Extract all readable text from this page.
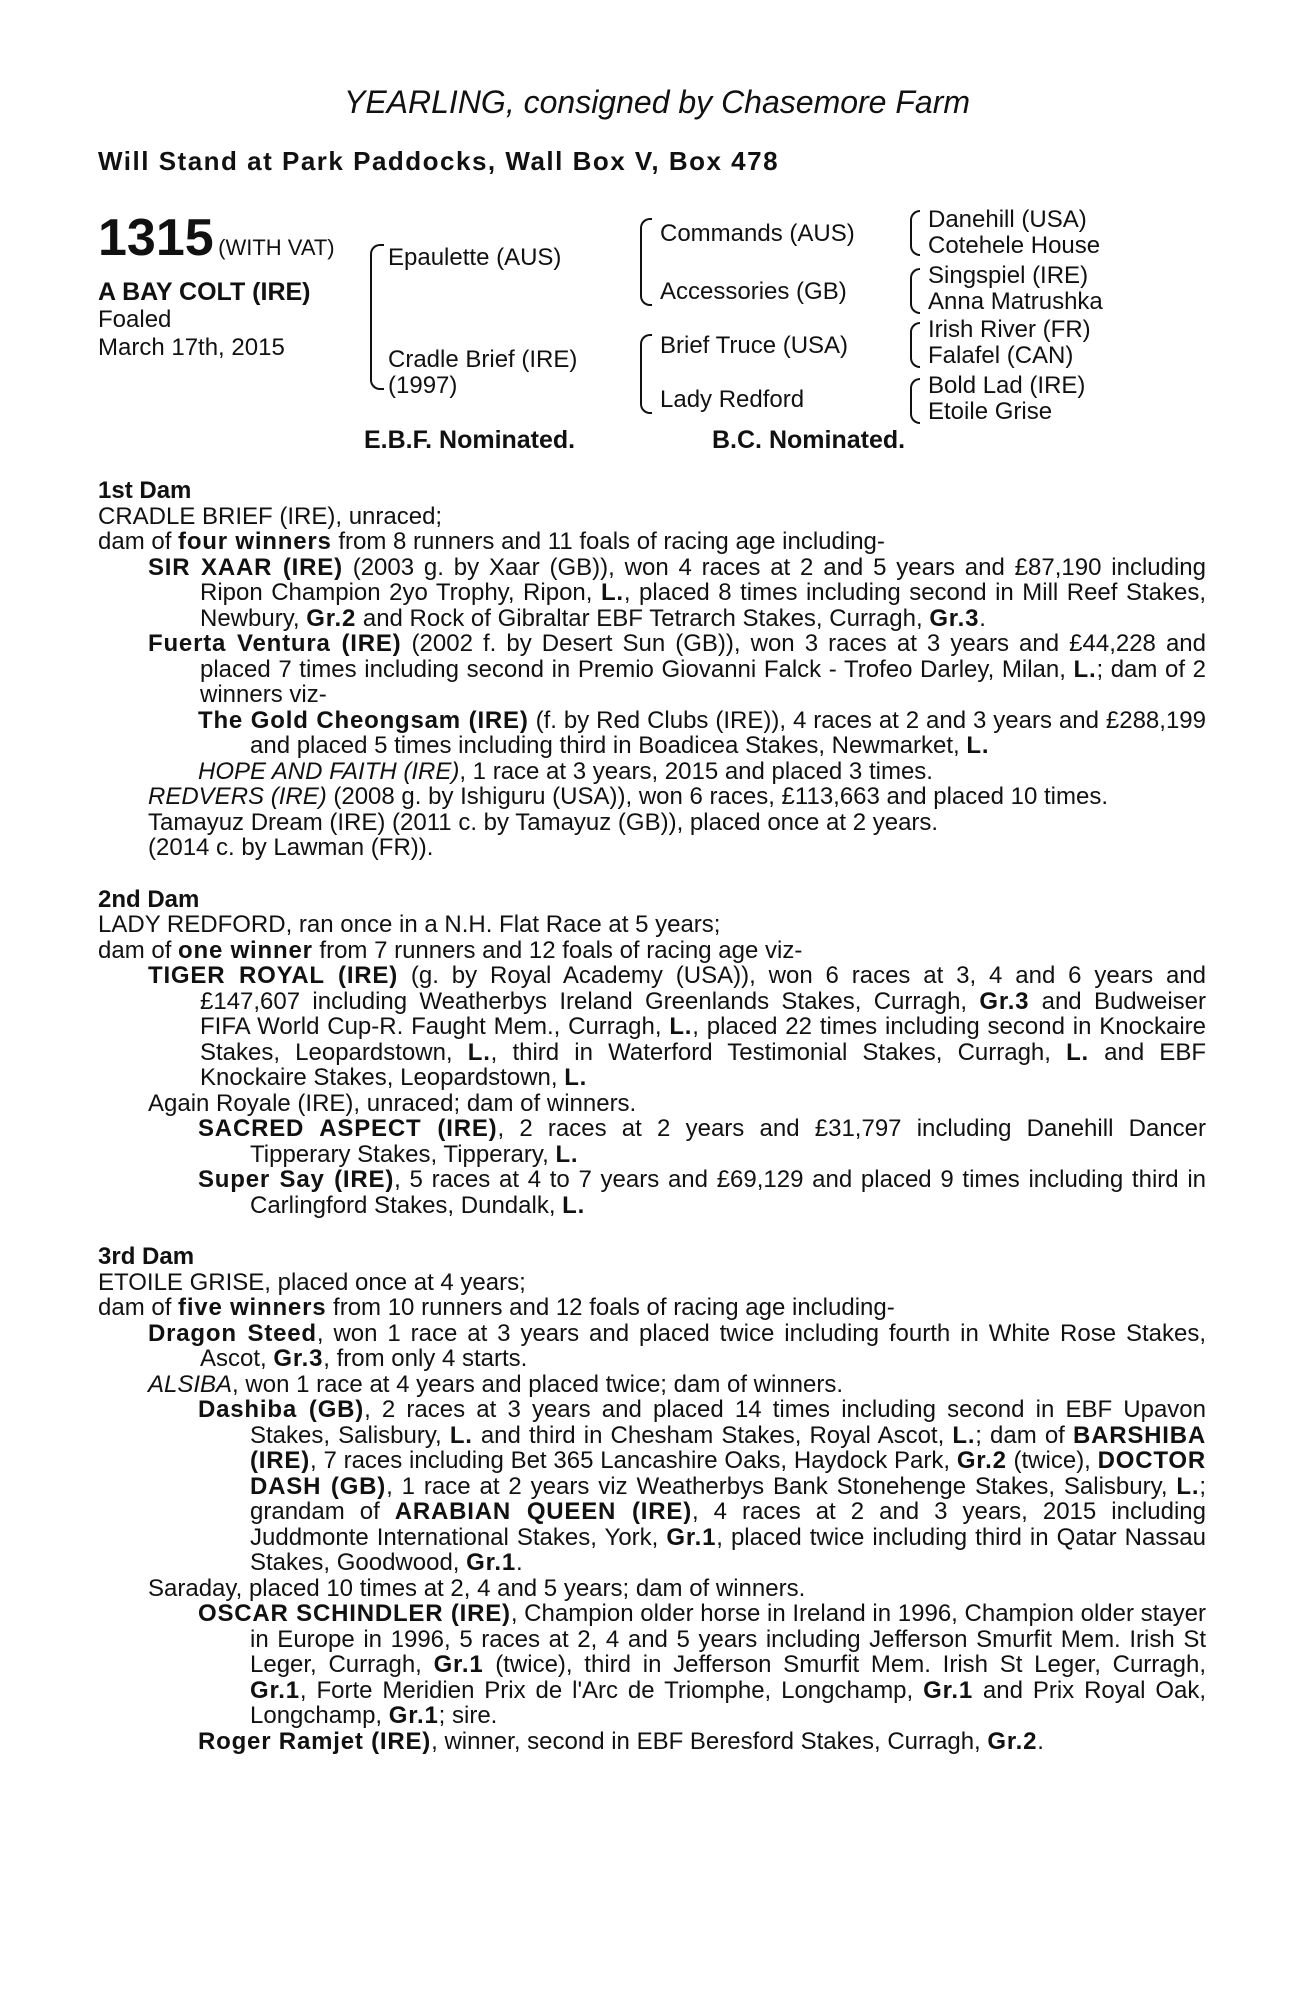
YEARLING, consigned by Chasemore Farm
Will Stand at Park Paddocks, Wall Box V, Box 478
1315 (WITH VAT)
A BAY COLT (IRE)
Foaled
March 17th, 2015
Epaulette (AUS)
Cradle Brief (IRE)
(1997)
Commands (AUS)
Accessories (GB)
Brief Truce (USA)
Lady Redford
Danehill (USA)
Cotehele House
Singspiel (IRE)
Anna Matrushka
Irish River (FR)
Falafel (CAN)
Bold Lad (IRE)
Etoile Grise
E.B.F. Nominated.	B.C. Nominated.

1st Dam

CRADLE BRIEF (IRE), unraced;

dam of four winners from 8 runners and 11 foals of racing age including-

SIR XAAR (IRE) (2003 g. by Xaar (GB)), won 4 races at 2 and 5 years and £87,190 including Ripon Champion 2yo Trophy, Ripon, L., placed 8 times including second in Mill Reef Stakes, Newbury, Gr.2 and Rock of Gibraltar EBF Tetrarch Stakes, Curragh, Gr.3.

Fuerta Ventura (IRE) (2002 f. by Desert Sun (GB)), won 3 races at 3 years and £44,228 and placed 7 times including second in Premio Giovanni Falck - Trofeo Darley, Milan, L.; dam of 2 winners viz-

The Gold Cheongsam (IRE) (f. by Red Clubs (IRE)), 4 races at 2 and 3 years and £288,199 and placed 5 times including third in Boadicea Stakes, Newmarket, L.

HOPE AND FAITH (IRE), 1 race at 3 years, 2015 and placed 3 times.

REDVERS (IRE) (2008 g. by Ishiguru (USA)), won 6 races, £113,663 and placed 10 times.

Tamayuz Dream (IRE) (2011 c. by Tamayuz (GB)), placed once at 2 years.

(2014 c. by Lawman (FR)).

2nd Dam

LADY REDFORD, ran once in a N.H. Flat Race at 5 years;

dam of one winner from 7 runners and 12 foals of racing age viz-

TIGER ROYAL (IRE) (g. by Royal Academy (USA)), won 6 races at 3, 4 and 6 years and £147,607 including Weatherbys Ireland Greenlands Stakes, Curragh, Gr.3 and Budweiser FIFA World Cup-R. Faught Mem., Curragh, L., placed 22 times including second in Knockaire Stakes, Leopardstown, L., third in Waterford Testimonial Stakes, Curragh, L. and EBF Knockaire Stakes, Leopardstown, L.

Again Royale (IRE), unraced; dam of winners.

SACRED ASPECT (IRE), 2 races at 2 years and £31,797 including Danehill Dancer Tipperary Stakes, Tipperary, L.

Super Say (IRE), 5 races at 4 to 7 years and £69,129 and placed 9 times including third in Carlingford Stakes, Dundalk, L.

3rd Dam

ETOILE GRISE, placed once at 4 years;

dam of five winners from 10 runners and 12 foals of racing age including-

Dragon Steed, won 1 race at 3 years and placed twice including fourth in White Rose Stakes, Ascot, Gr.3, from only 4 starts.

ALSIBA, won 1 race at 4 years and placed twice; dam of winners.

Dashiba (GB), 2 races at 3 years and placed 14 times including second in EBF Upavon Stakes, Salisbury, L. and third in Chesham Stakes, Royal Ascot, L.; dam of BARSHIBA (IRE), 7 races including Bet 365 Lancashire Oaks, Haydock Park, Gr.2 (twice), DOCTOR DASH (GB), 1 race at 2 years viz Weatherbys Bank Stonehenge Stakes, Salisbury, L.; grandam of ARABIAN QUEEN (IRE), 4 races at 2 and 3 years, 2015 including Juddmonte International Stakes, York, Gr.1, placed twice including third in Qatar Nassau Stakes, Goodwood, Gr.1.

Saraday, placed 10 times at 2, 4 and 5 years; dam of winners.

OSCAR SCHINDLER (IRE), Champion older horse in Ireland in 1996, Champion older stayer in Europe in 1996, 5 races at 2, 4 and 5 years including Jefferson Smurfit Mem. Irish St Leger, Curragh, Gr.1 (twice), third in Jefferson Smurfit Mem. Irish St Leger, Curragh, Gr.1, Forte Meridien Prix de l'Arc de Triomphe, Longchamp, Gr.1 and Prix Royal Oak, Longchamp, Gr.1; sire.

Roger Ramjet (IRE), winner, second in EBF Beresford Stakes, Curragh, Gr.2.
